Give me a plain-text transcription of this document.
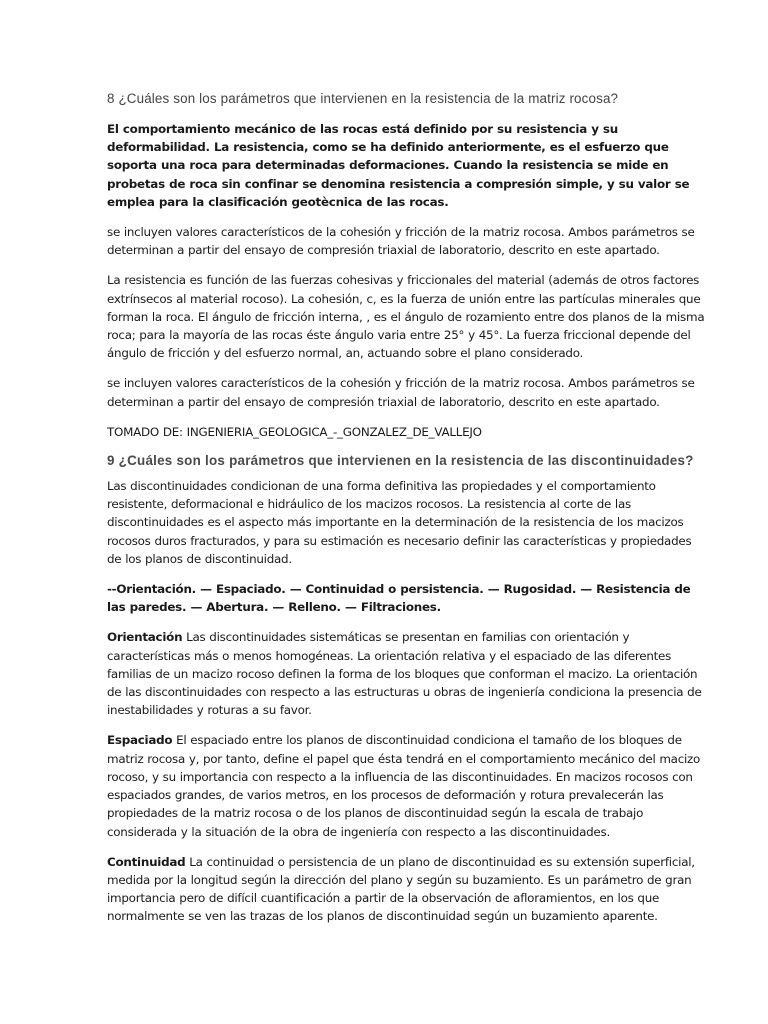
8 ¿Cuáles son los parámetros que intervienen en la resistencia de la matriz rocosa?

El comportamiento mecánico de las rocas está definido por su resistencia y su deformabilidad. La resistencia, como se ha definido anteriormente, es el esfuerzo que soporta una roca para determinadas deformaciones. Cuando la resistencia se mide en probetas de roca sin confinar se denomina resistencia a compresión simple, y su valor se emplea para la clasificación geotècnica de las rocas.

se incluyen valores característicos de la cohesión y fricción de la matriz rocosa. Ambos parámetros se determinan a partir del ensayo de compresión triaxial de laboratorio, descrito en este apartado.

La resistencia es función de las fuerzas cohesivas y friccionales del material (además de otros factores extrínsecos al material rocoso). La cohesión, c, es la fuerza de unión entre las partículas minerales que forman la roca. El ángulo de fricción interna, , es el ángulo de rozamiento entre dos planos de la misma roca; para la mayoría de las rocas éste ángulo varia entre 25° y 45°. La fuerza friccional depende del ángulo de fricción y del esfuerzo normal, an, actuando sobre el plano considerado.

se incluyen valores característicos de la cohesión y fricción de la matriz rocosa. Ambos parámetros se determinan a partir del ensayo de compresión triaxial de laboratorio, descrito en este apartado.

TOMADO DE: INGENIERIA_GEOLOGICA_-_GONZALEZ_DE_VALLEJO

9 ¿Cuáles son los parámetros que intervienen en la resistencia de las discontinuidades?

Las discontinuidades condicionan de una forma definitiva las propiedades y el comportamiento resistente, deformacional e hidráulico de los macizos rocosos. La resistencia al corte de las discontinuidades es el aspecto más importante en la determinación de la resistencia de los macizos rocosos duros fracturados, y para su estimación es necesario definir las características y propiedades de los planos de discontinuidad.

--Orientación. — Espaciado. — Continuidad o persistencia. — Rugosidad. — Resistencia de las paredes. — Abertura. — Relleno. — Filtraciones.

Orientación Las discontinuidades sistemáticas se presentan en familias con orientación y características más o menos homogéneas. La orientación relativa y el espaciado de las diferentes familias de un macizo rocoso definen la forma de los bloques que conforman el macizo. La orientación de las discontinuidades con respecto a las estructuras u obras de ingeniería condiciona la presencia de inestabilidades y roturas a su favor.

Espaciado El espaciado entre los planos de discontinuidad condiciona el tamaño de los bloques de matriz rocosa y, por tanto, define el papel que ésta tendrá en el comportamiento mecánico del macizo rocoso, y su importancia con respecto a la influencia de las discontinuidades. En macizos rocosos con espaciados grandes, de varios metros, en los procesos de deformación y rotura prevalecerán las propiedades de la matriz rocosa o de los planos de discontinuidad según la escala de trabajo considerada y la situación de la obra de ingeniería con respecto a las discontinuidades.

Continuidad La continuidad o persistencia de un plano de discontinuidad es su extensión superficial, medida por la longitud según la dirección del plano y según su buzamiento. Es un parámetro de gran importancia pero de difícil cuantificación a partir de la observación de afloramientos, en los que normalmente se ven las trazas de los planos de discontinuidad según un buzamiento aparente.
